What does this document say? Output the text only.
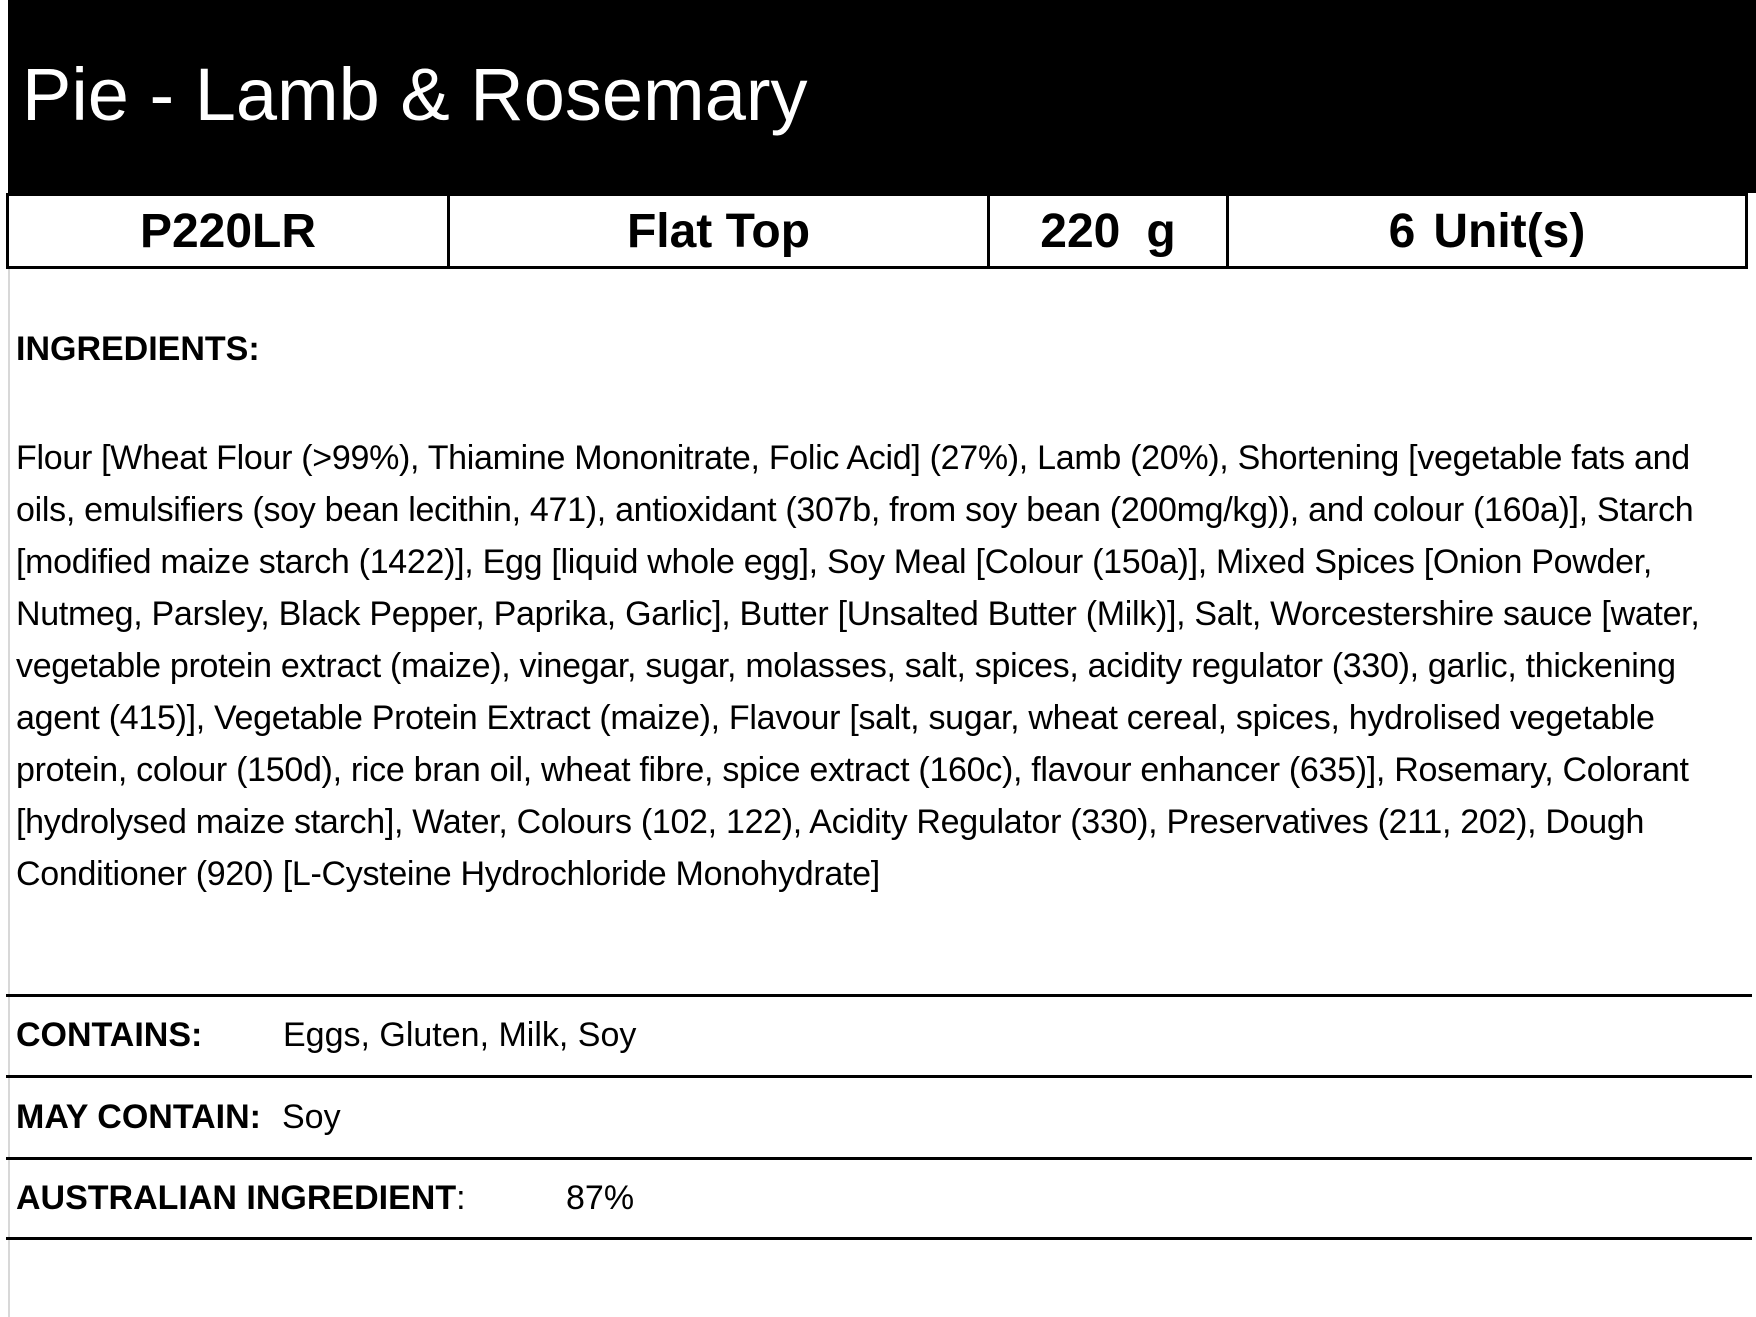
Pie - Lamb & Rosemary
P220LR	Flat Top	220 g	6 Unit(s)
INGREDIENTS:
Flour [Wheat Flour (>99%), Thiamine Mononitrate, Folic Acid] (27%), Lamb (20%), Shortening [vegetable fats and oils, emulsifiers (soy bean lecithin, 471), antioxidant (307b, from soy bean (200mg/kg)), and colour (160a)], Starch [modified maize starch (1422)], Egg [liquid whole egg], Soy Meal [Colour (150a)], Mixed Spices [Onion Powder, Nutmeg, Parsley, Black Pepper, Paprika, Garlic], Butter [Unsalted Butter (Milk)], Salt, Worcestershire sauce [water, vegetable protein extract (maize), vinegar, sugar, molasses, salt, spices, acidity regulator (330), garlic, thickening agent (415)], Vegetable Protein Extract (maize), Flavour [salt, sugar, wheat cereal, spices, hydrolised vegetable protein, colour (150d), rice bran oil, wheat fibre, spice extract (160c), flavour enhancer (635)], Rosemary, Colorant [hydrolysed maize starch], Water, Colours (102, 122), Acidity Regulator (330), Preservatives (211, 202), Dough Conditioner (920) [L-Cysteine Hydrochloride Monohydrate]
CONTAINS: Eggs, Gluten, Milk, Soy
MAY CONTAIN: Soy
AUSTRALIAN INGREDIENT:	87%
